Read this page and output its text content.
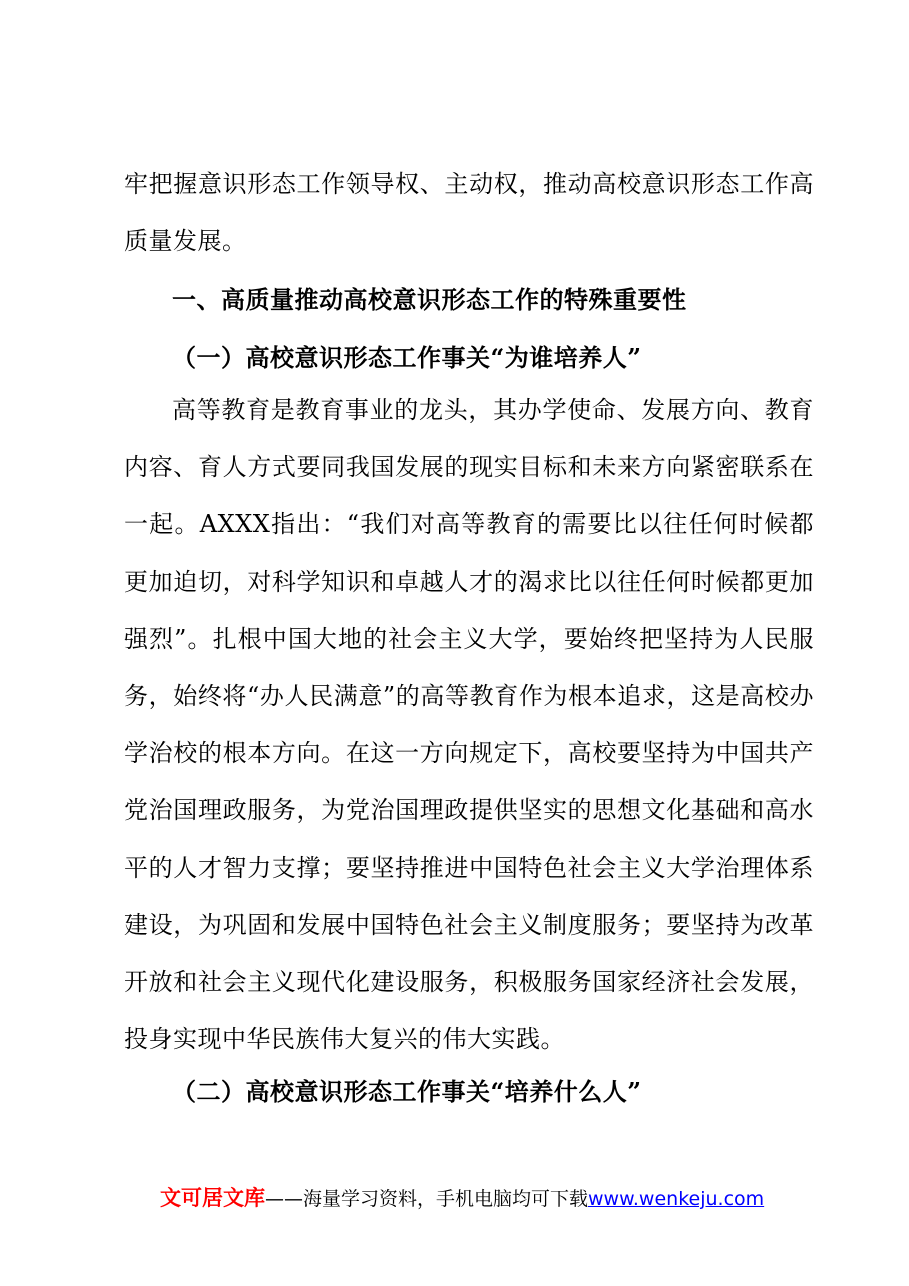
牢把握意识形态工作领导权、主动权，推动高校意识形态工作高质量发展。

一、高质量推动高校意识形态工作的特殊重要性
（一）高校意识形态工作事关“为谁培养人”

高等教育是教育事业的龙头，其办学使命、发展方向、教育内容、育人方式要同我国发展的现实目标和未来方向紧密联系在一起。AXXX指出：“我们对高等教育的需要比以往任何时候都更加迫切，对科学知识和卓越人才的渴求比以往任何时候都更加强烈”。扎根中国大地的社会主义大学，要始终把坚持为人民服务，始终将“办人民满意”的高等教育作为根本追求，这是高校办学治校的根本方向。在这一方向规定下，高校要坚持为中国共产党治国理政服务，为党治国理政提供坚实的思想文化基础和高水平的人才智力支撑；要坚持推进中国特色社会主义大学治理体系建设，为巩固和发展中国特色社会主义制度服务；要坚持为改革开放和社会主义现代化建设服务，积极服务国家经济社会发展，投身实现中华民族伟大复兴的伟大实践。

（二）高校意识形态工作事关“培养什么人”
文可居文库——海量学习资料，手机电脑均可下载www.wenkeju.com
